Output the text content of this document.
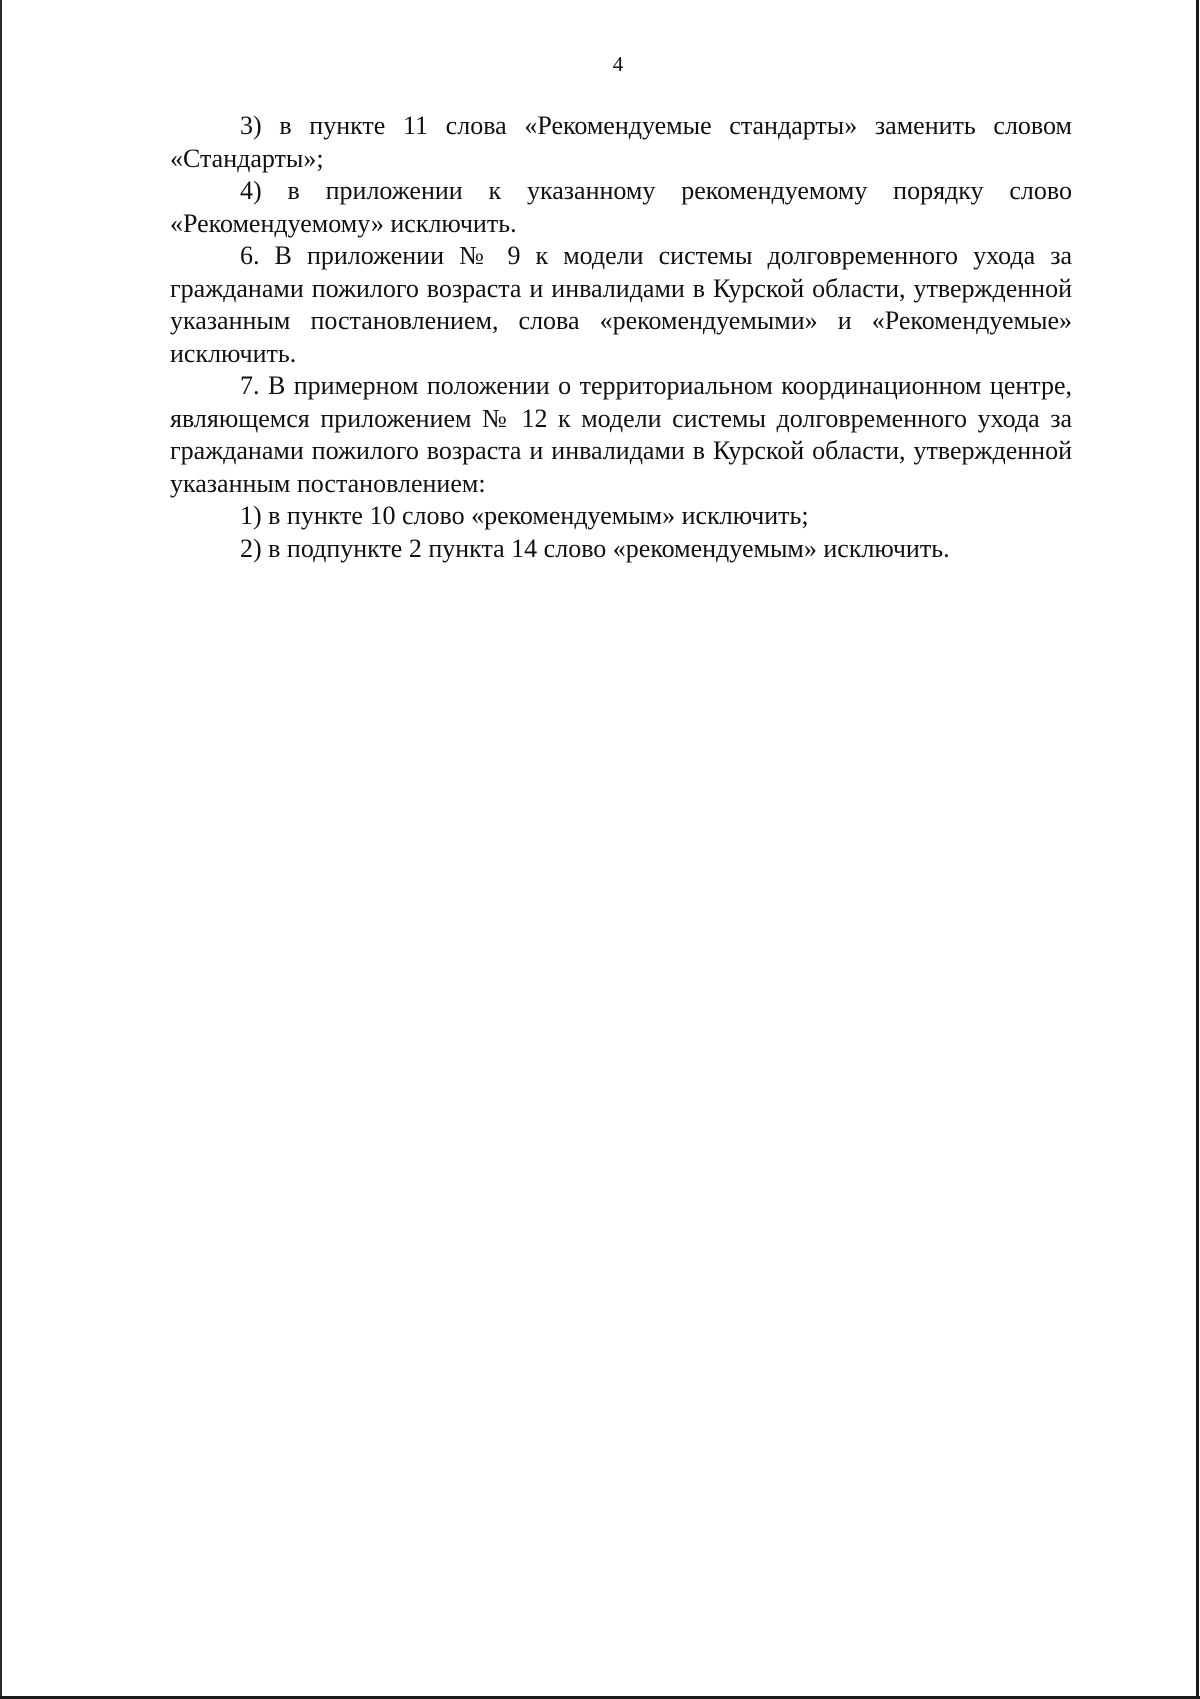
4

3) в пункте 11 слова «Рекомендуемые стандарты» заменить словом «Стандарты»;

4) в приложении к указанному рекомендуемому порядку слово «Рекомендуемому» исключить.

6. В приложении № 9 к модели системы долговременного ухода за гражданами пожилого возраста и инвалидами в Курской области, утвержденной указанным постановлением, слова «рекомендуемыми» и «Рекомендуемые» исключить.

7. В примерном положении о территориальном координационном центре, являющемся приложением № 12 к модели системы долговременного ухода за гражданами пожилого возраста и инвалидами в Курской области, утвержденной указанным постановлением:

1) в пункте 10 слово «рекомендуемым» исключить;

2) в подпункте 2 пункта 14 слово «рекомендуемым» исключить.
